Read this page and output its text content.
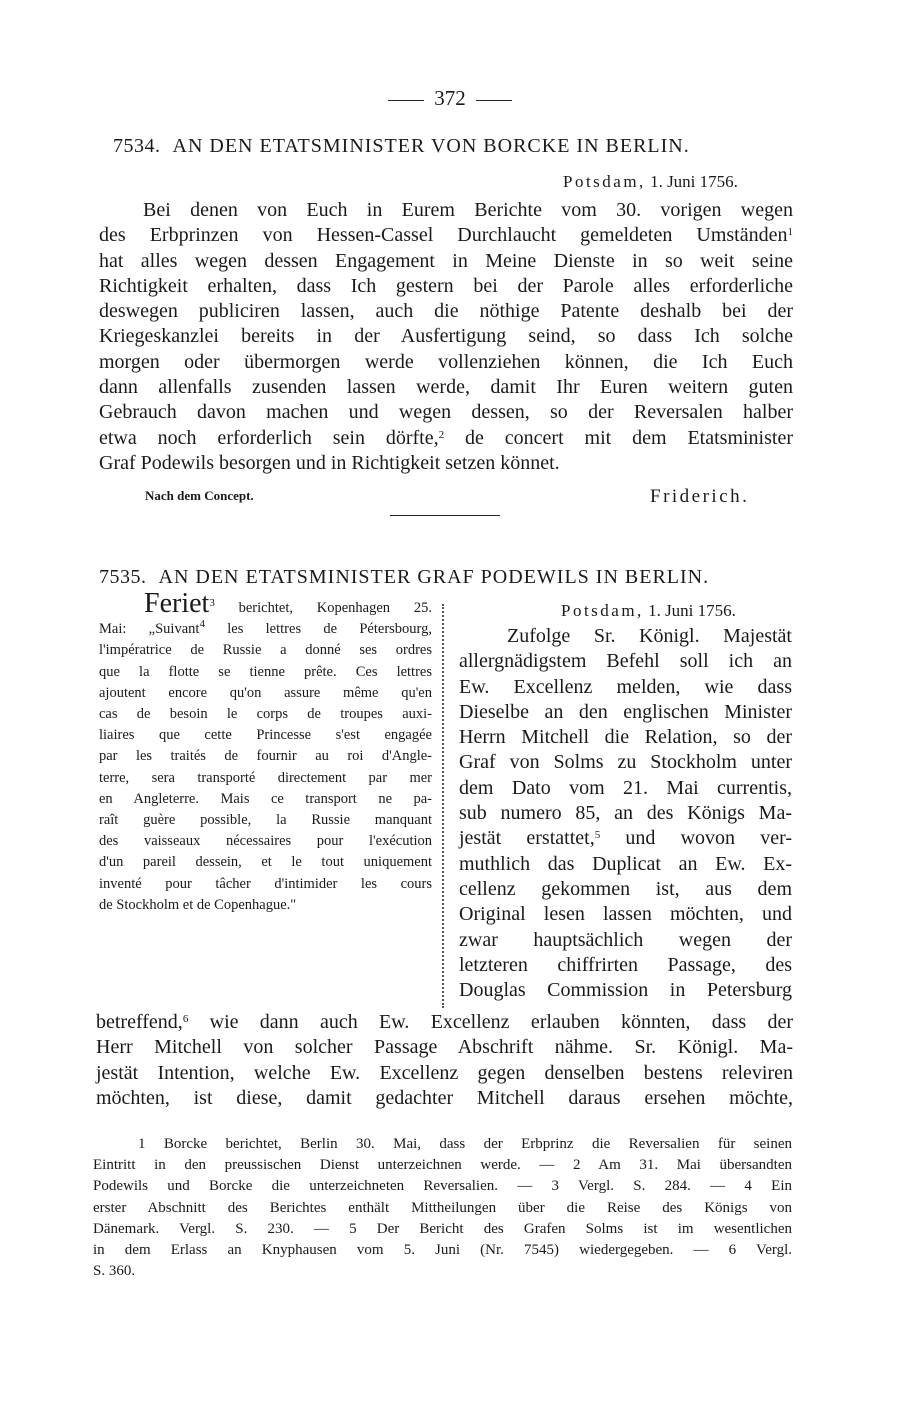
372
7534. AN DEN ETATSMINISTER VON BORCKE IN BERLIN.
Potsdam, 1. Juni 1756.
Bei denen von Euch in Eurem Berichte vom 30. vorigen wegen
des Erbprinzen von Hessen-Cassel Durchlaucht gemeldeten Umständen$^1$
hat alles wegen dessen Engagement in Meine Dienste in so weit seine
Richtigkeit erhalten, dass Ich gestern bei der Parole alles erforderliche
deswegen publiciren lassen, auch die nöthige Patente deshalb bei der
Kriegeskanzlei bereits in der Ausfertigung seind, so dass Ich solche
morgen oder übermorgen werde vollenziehen können, die Ich Euch
dann allenfalls zusenden lassen werde, damit Ihr Euren weitern guten
Gebrauch davon machen und wegen dessen, so der Reversalen halber
etwa noch erforderlich sein dörfte,$^2$ de concert mit dem Etatsminister
Graf Podewils besorgen und in Richtigkeit setzen könnet.
Nach dem Concept.	Friderich.
7535. AN DEN ETATSMINISTER GRAF PODEWILS IN BERLIN.
Feriet$^3$ berichtet, Kopenhagen 25.
Mai: „Suivant$^4$ les lettres de Pétersbourg,
l'impératrice de Russie a donné ses ordres
que la flotte se tienne prête. Ces lettres
ajoutent encore qu'on assure même qu'en
cas de besoin le corps de troupes auxi-
liaires que cette Princesse s'est engagée
par les traités de fournir au roi d'Angle-
terre, sera transporté directement par mer
en Angleterre. Mais ce transport ne pa-
raît guère possible, la Russie manquant
des vaisseaux nécessaires pour l'exécution
d'un pareil dessein, et le tout uniquement
inventé pour tâcher d'intimider les cours
de Stockholm et de Copenhague."
Potsdam, 1. Juni 1756.
Zufolge Sr. Königl. Majestät
allergnädigstem Befehl soll ich an
Ew. Excellenz melden, wie dass
Dieselbe an den englischen Minister
Herrn Mitchell die Relation, so der
Graf von Solms zu Stockholm unter
dem Dato vom 21. Mai currentis,
sub numero 85, an des Königs Ma-
jestät erstattet,$^5$ und wovon ver-
muthlich das Duplicat an Ew. Ex-
cellenz gekommen ist, aus dem
Original lesen lassen möchten, und
zwar hauptsächlich wegen der
letzteren chiffrirten Passage, des
Douglas Commission in Petersburg
betreffend,$^6$ wie dann auch Ew. Excellenz erlauben könnten, dass der
Herr Mitchell von solcher Passage Abschrift nähme. Sr. Königl. Ma-
jestät Intention, welche Ew. Excellenz gegen denselben bestens releviren
möchten, ist diese, damit gedachter Mitchell daraus ersehen möchte,
1 Borcke berichtet, Berlin 30. Mai, dass der Erbprinz die Reversalien für seinen
Eintritt in den preussischen Dienst unterzeichnen werde. — 2 Am 31. Mai übersandten
Podewils und Borcke die unterzeichneten Reversalien. — 3 Vergl. S. 284. — 4 Ein
erster Abschnitt des Berichtes enthält Mittheilungen über die Reise des Königs von
Dänemark. Vergl. S. 230. — 5 Der Bericht des Grafen Solms ist im wesentlichen
in dem Erlass an Knyphausen vom 5. Juni (Nr. 7545) wiedergegeben. — 6 Vergl.
S. 360.
